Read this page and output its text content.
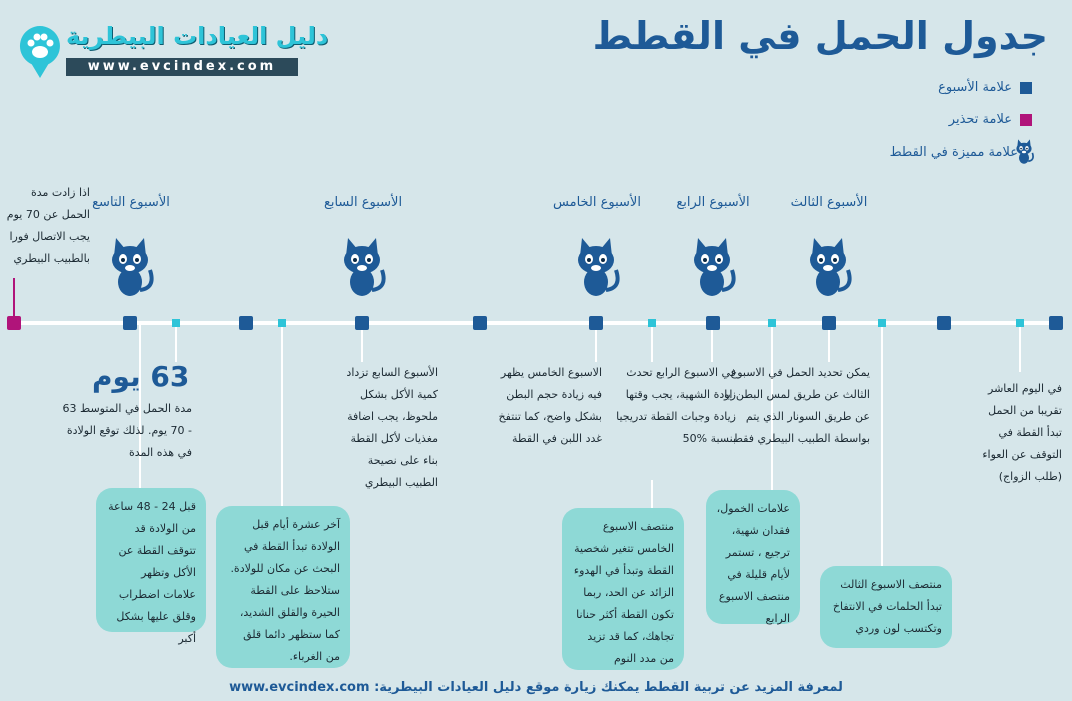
جدول الحمل في القطط
دليل العيادات البيطرية
www.evcindex.com
علامة الأسبوع
علامة تحذير
علامة مميزة في القطط
الأسبوع الثالث
الأسبوع الرابع
الأسبوع الخامس
الأسبوع السابع
الأسبوع التاسع
اذا زادت مدة الحمل عن 70 يوم يجب الاتصال فورا بالطبيب البيطري
63 يوم
مدة الحمل في المتوسط 63 - 70 يوم. لذلك توقع الولادة في هذه المدة
في اليوم العاشر تقريبا من الحمل تبدأ القطة في التوقف عن العواء (طلب الزواج)
يمكن تحديد الحمل في الاسبوع الثالث عن طريق لمس البطن او عن طريق السونار الذي يتم بواسطة الطبيب البيطري فقط
في الاسبوع الرابع تحدث زيادة الشهية، يجب وقتها زيادة وجبات القطة تدريجيا بنسبة %50
الاسبوع الخامس يظهر فيه زيادة حجم البطن بشكل واضح، كما تنتفخ غدد اللبن في القطة
الأسبوع السابع تزداد كمية الأكل بشكل ملحوظ، يجب اضافة مغذيات لأكل القطة بناء على نصيحة الطبيب البيطري
منتصف الاسبوع الثالث تبدأ الحلمات في الانتفاخ وتكتسب لون وردي
علامات الخمول، فقدان شهية، ترجيع ، تستمر لأيام قليلة في منتصف الاسبوع الرابع
منتصف الاسبوع الخامس تتغير شخصية القطة وتبدأ في الهدوء الزائد عن الحد، ربما تكون القطة أكثر حنانا تجاهك، كما قد تزيد من مدد النوم
آخر عشرة أيام قبل الولادة تبدأ القطة في البحث عن مكان للولادة. ستلاحظ على القطة الحيرة والقلق الشديد، كما ستظهر دائما قلق من الغرباء.
قبل 24 - 48 ساعة من الولادة قد تتوقف القطة عن الأكل وتظهر علامات اضطراب وقلق عليها بشكل أكبر
لمعرفة المزيد عن تربية القطط يمكنك زيارة موقع دليل العيادات البيطرية: www.evcindex.com
